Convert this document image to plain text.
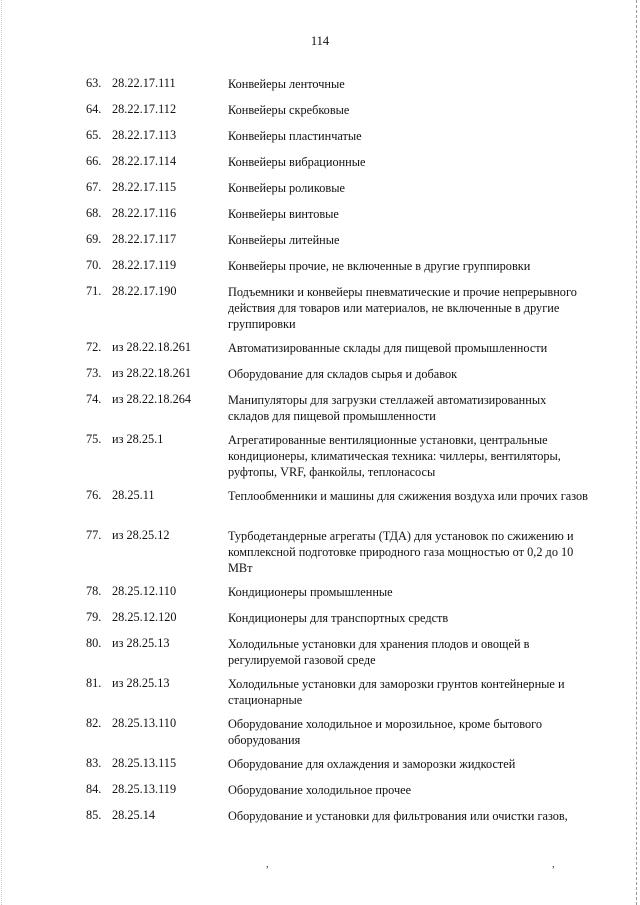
114
63. 28.22.17.111	Конвейеры ленточные
64. 28.22.17.112	Конвейеры скребковые
65. 28.22.17.113	Конвейеры пластинчатые
66. 28.22.17.114	Конвейеры вибрационные
67. 28.22.17.115	Конвейеры роликовые
68. 28.22.17.116	Конвейеры винтовые
69. 28.22.17.117	Конвейеры литейные
70. 28.22.17.119	Конвейеры прочие, не включенные в другие группировки
71. 28.22.17.190	Подъемники и конвейеры пневматические и прочие непрерывного действия для товаров или материалов, не включенные в другие группировки
72. из 28.22.18.261	Автоматизированные склады для пищевой промышленности
73. из 28.22.18.261	Оборудование для складов сырья и добавок
74. из 28.22.18.264	Манипуляторы для загрузки стеллажей автоматизированных складов для пищевой промышленности
75. из 28.25.1	Агрегатированные вентиляционные установки, центральные кондиционеры, климатическая техника: чиллеры, вентиляторы, руфтопы, VRF, фанкойлы, теплонасосы
76. 28.25.11	Теплообменники и машины для сжижения воздуха или прочих газов
77. из 28.25.12	Турбодетандерные агрегаты (ТДА) для установок по сжижению и комплексной подготовке природного газа мощностью от 0,2 до 10 МВт
78. 28.25.12.110	Кондиционеры промышленные
79. 28.25.12.120	Кондиционеры для транспортных средств
80. из 28.25.13	Холодильные установки для хранения плодов и овощей в регулируемой газовой среде
81. из 28.25.13	Холодильные установки для заморозки грунтов контейнерные и стационарные
82. 28.25.13.110	Оборудование холодильное и морозильное, кроме бытового оборудования
83. 28.25.13.115	Оборудование для охлаждения и заморозки жидкостей
84. 28.25.13.119	Оборудование холодильное прочее
85. 28.25.14	Оборудование и установки для фильтрования или очистки газов,
,	,
